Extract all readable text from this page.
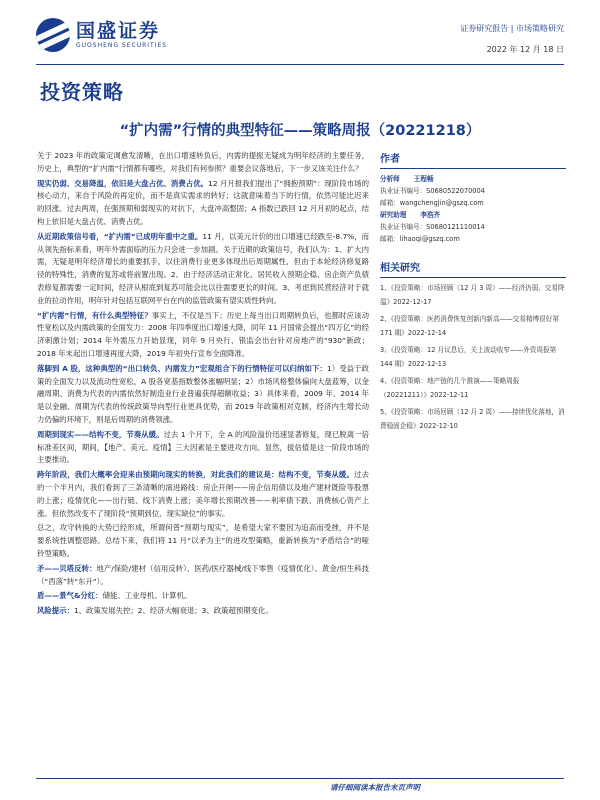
国盛证券
GUOSHENG SECURITIES
证券研究报告 | 市场策略研究
2022 年 12 月 18 日
投资策略
“扩内需”行情的典型特征——策略周报（20221218）
关于 2023 年的政策定调愈发清晰，在出口增速转负后，内需的提振无疑成为明年经济的主要任务，历史上，典型的“扩内需”行情都有哪些，对我们有何参照？重要会议落地后，下一步又该关注什么？
现实仍弱、交易降温，依旧是大盘占优、消费占优。12 月月报我们提出了“拥抱预期”：现阶段市场的核心动力，来自于风险的再定价，而不是真实需求的转好；这就意味着当下的行情，依然可能比迟来的回涨。过去两周，在强预期和弱现实的对抗下，大盘冲高整固；A 指数已跌回 12 月月初的起点，结构上依旧是大盘占优、消费占优。
从近期政策信号看，“扩内需”已成明年重中之重。11 月，以美元计价的出口增速已经跌至-8.7%，而从领先指标来看，明年外需面临的压力只会进一步加剧。关于近期的政策信号，我们认为：1、扩大内需，无疑是明年经济增长的重要抓手，以往消费行业更多体现出后周期属性，但由于本轮经济修复路径的特殊性，消费的复苏或将前置出现。2、由于经济活动正常化、居民收入预期企稳、房企资产负债表修复都需要一定时间，经济从根底到复苏可能会比以往需要更长的时间。3、考虑到民营经济对于就业的拉动作用，明年针对包括互联网平台在内的监管政策有望实质性转向。
“扩内需”行情，有什么典型特征？事实上，不仅是当下；历史上每当出口周期转负后，也都时应该动性宽松以及内需政策的全面发力：2008 年四季度出口增速大降，同年 11 月国常会提出“四万亿”的经济刺激计划；2014 年外需压力开始显现，同年 9 月央行、银监会出台针对房地产的“930”新政；2018 年末起出口增速再度大降，2019 年初央行宣布全面降准。
落脚到 A 股，这种典型的“出口转负、内需发力”宏观组合下的行情特征可以归纳如下：1）受益于政策的全面发力以及流动性宽松，A 股各宽基指数整体涨幅明显；2）市场风格整体偏向大盘蓝筹，以金融周期、消费为代表的内需依然好制造业行业普遍获得超额收益；3）具体来看，2009 年、2014 年是以金融、周期为代表的传统政策导向型行业更具优势，而 2019 年政策相对克制，经济内生增长动力仍偏的环境下，则是后周期的消费领涨。
周期到现实——结构不变，节奏从缓。过去 1 个月下，全 A 的风险溢价迅速显著修复，现已脱离一倍标准差区间，期间，【地产、美元、疫情】三大因素是主要进攻方向。显然，拔估值是这一阶段市场的主要推动。
跨年阶段，我们大概率会迎来由预期向现实的转换，对此我们的建议是：结构不变，节奏从缓。过去的一个半月内，我们看到了三条清晰的演进路线：房企开闸——房企信用债以及地产建材既险等股票的上涨；疫情优化——出行链、线下消费上涨；美年增长预期改善——利率债下跌、消费核心资产上涨。但依然改变不了现阶段“预期到位、现实缺位”的事实。
总之，攻守转换的大势已经形成，所谓何曾“预期与现实”，是希望大家不要因为追高而受挫，并不是要系统性调整思路。总结下来，我们将 11 月“以矛为主”的进攻型策略，重新转换为“矛盾结合”的哑铃型策略。
矛——贝塔反转：地产/保险/建材（信用反转）、医药/医疗器械/线下零售（疫情优化）、黄金/恒生科技（“西落”转“东升”）。
盾——景气&分红：储能、工业母机、计算机。
风险提示：1、政策发展失控；2、经济大幅衰退；3、政策超预期变化。
作者
分析师 王程畅
执业证书编号：S0680522070004
邮箱：wangchengjin@gszq.com
研究助理 李浩齐
执业证书编号：S0680121110014
邮箱：lihaoqi@gszq.com
相关研究
1、《投资策略：市场回顾（12 月 3 周）——经济仍弱、交易降温》2022-12-17
2、《投资策略：医药消费恢复创新内新高——交易精缚很好第 171 期》2022-12-14
3、《投资策略：12 月议息后，关上波动收窄——外资周报第 144 期》2022-12-13
4、《投资策略：地产链的几个推演——策略周报（20221211）》2022-12-11
5、《投资策略：市场回顾（12 月 2 周）——持续优化落地，消费稳固企稳》2022-12-10
请仔细阅读本报告末页声明
